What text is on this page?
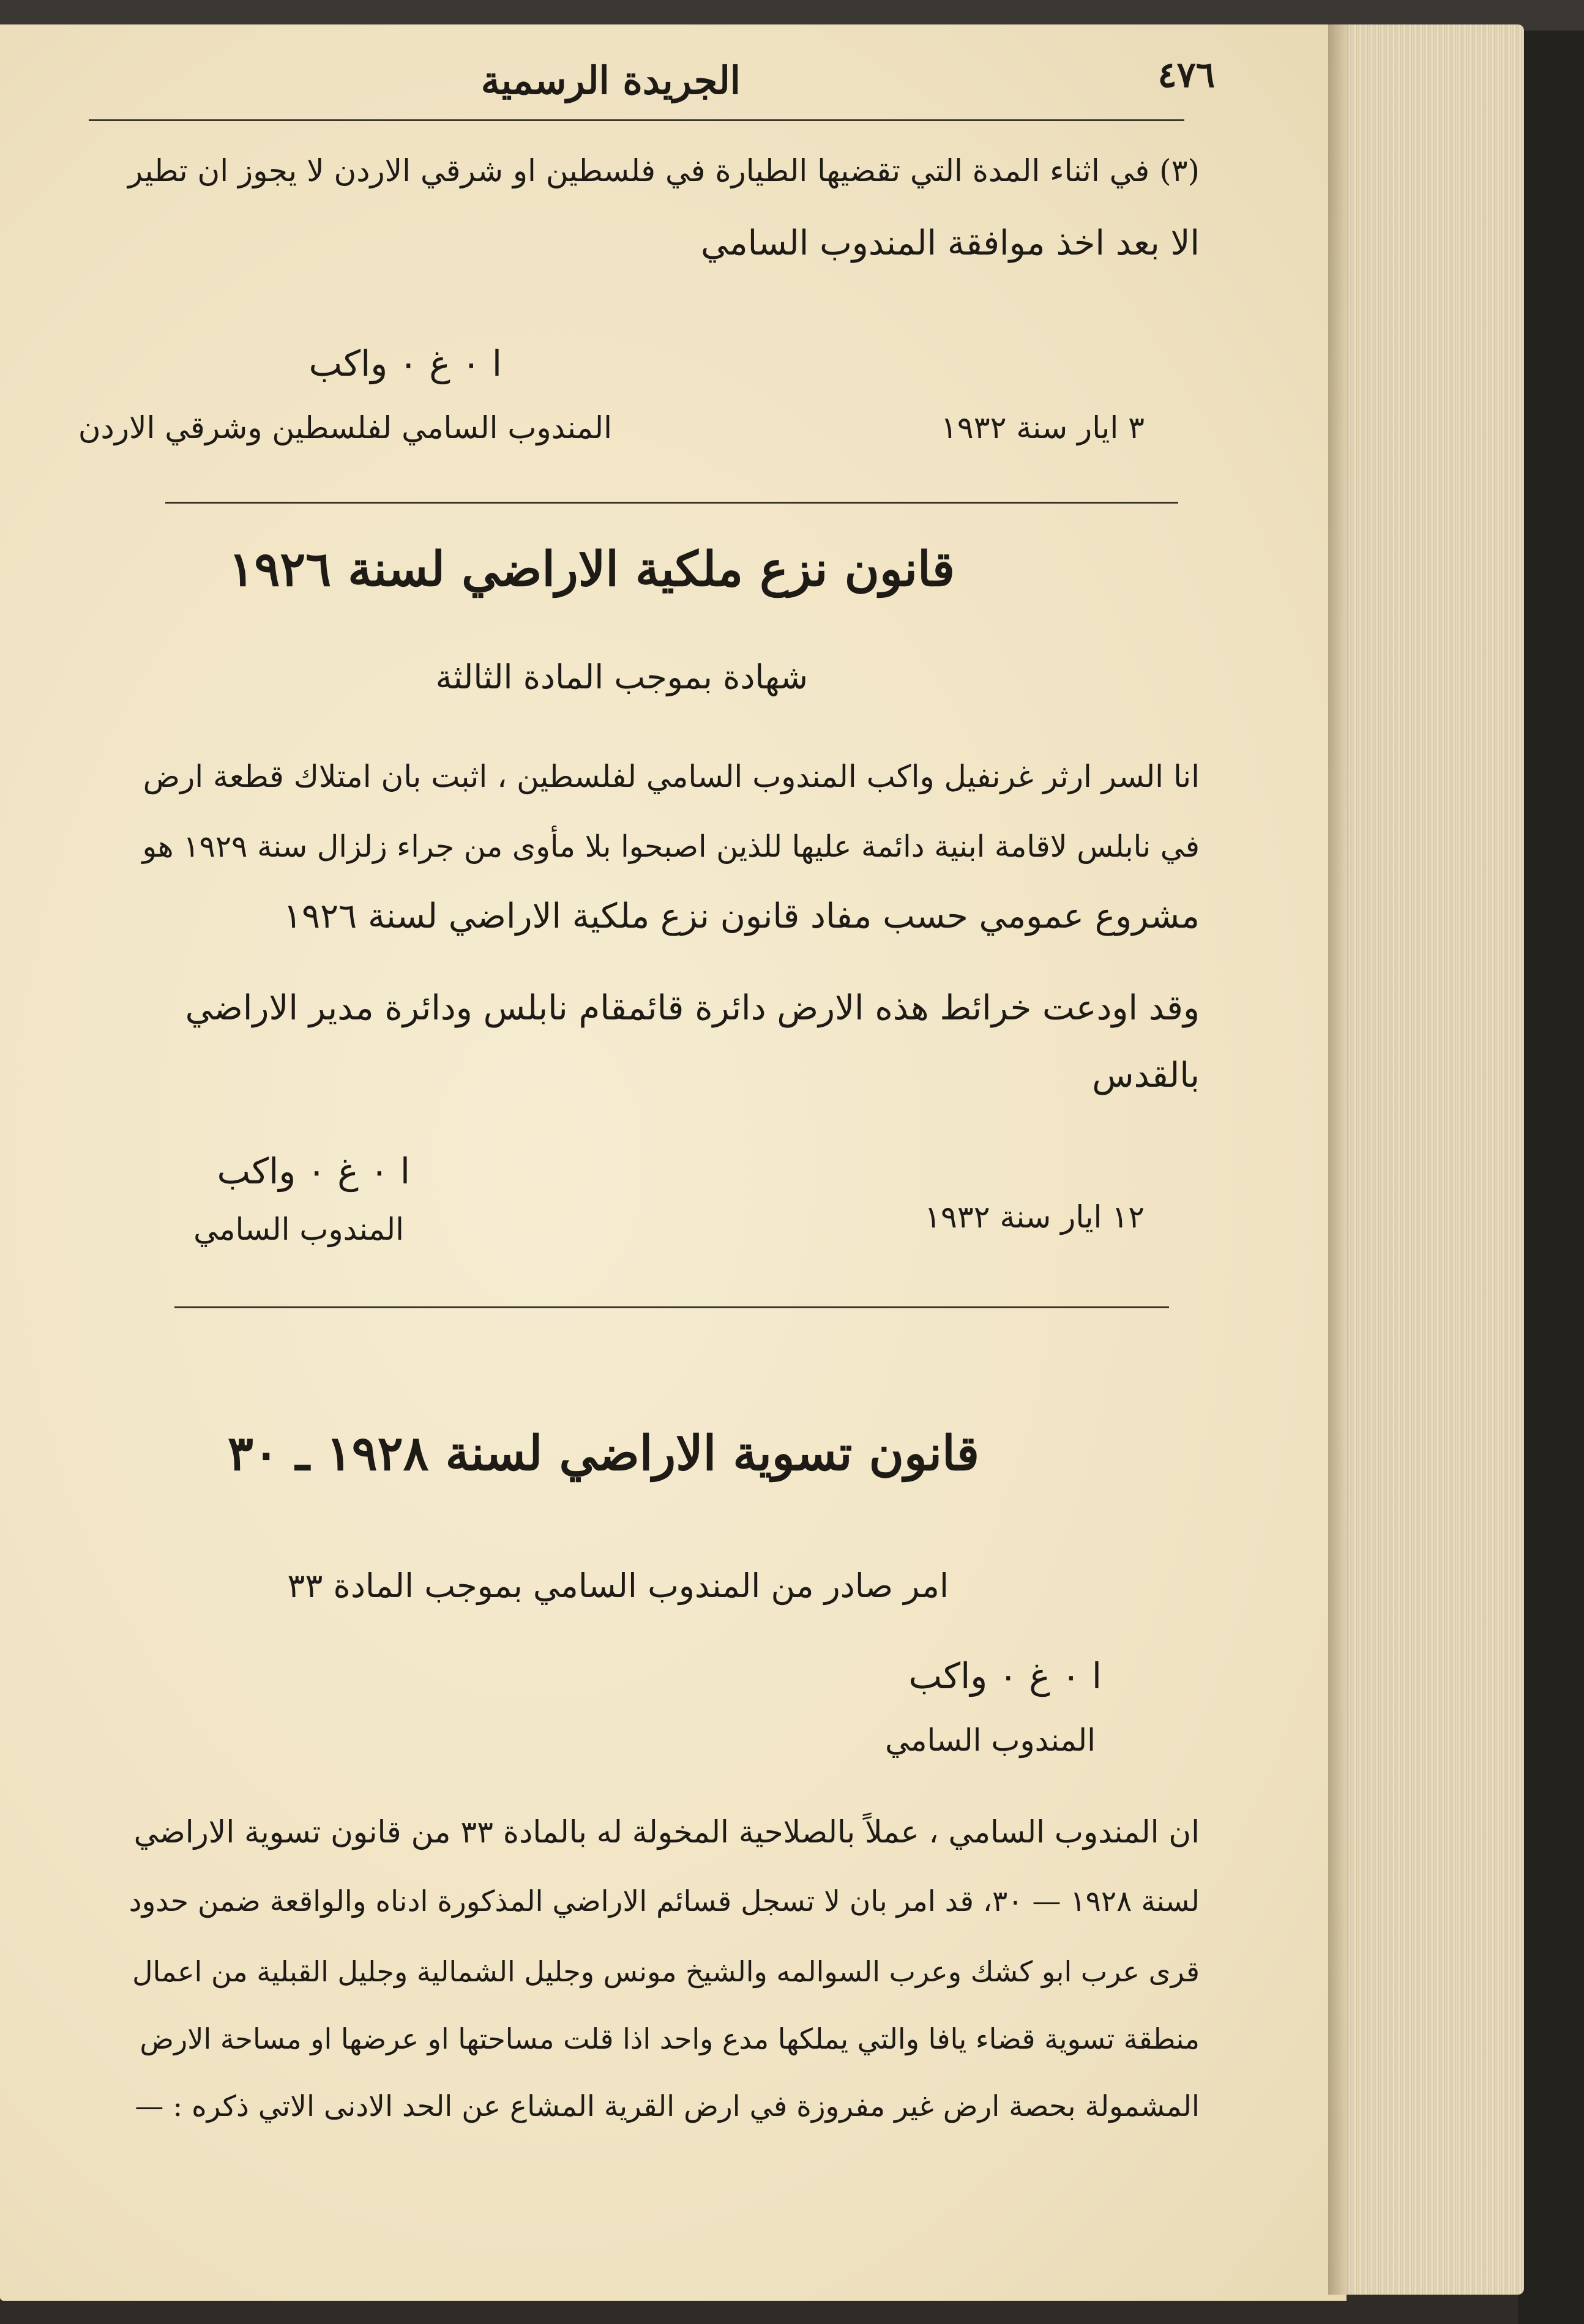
٤٧٦
الجريدة الرسمية
(٣) في اثناء المدة التي تقضيها الطيارة في فلسطين او شرقي الاردن لا يجوز ان تطير
الا بعد اخذ موافقة المندوب السامي
ا ٠ غ ٠ واكب
المندوب السامي لفلسطين وشرقي الاردن	٣ ايار سنة ١٩٣٢
قانون نزع ملكية الاراضي لسنة ١٩٢٦
شهادة بموجب المادة الثالثة
انا السر ارثر غرنفيل واكب المندوب السامي لفلسطين ، اثبت بان امتلاك قطعة ارض
في نابلس لاقامة ابنية دائمة عليها للذين اصبحوا بلا مأوى من جراء زلزال سنة ١٩٢٩ هو
مشروع عمومي حسب مفاد قانون نزع ملكية الاراضي لسنة ١٩٢٦
وقد اودعت خرائط هذه الارض دائرة قائمقام نابلس ودائرة مدير الاراضي
بالقدس
ا ٠ غ ٠ واكب
المندوب السامي	١٢ ايار سنة ١٩٣٢
قانون تسوية الاراضي لسنة ١٩٢٨ ـ ٣٠
امر صادر من المندوب السامي بموجب المادة ٣٣
ا ٠ غ ٠ واكب
المندوب السامي
ان المندوب السامي ، عملاً بالصلاحية المخولة له بالمادة ٣٣ من قانون تسوية الاراضي
لسنة ١٩٢٨ — ٣٠، قد امر بان لا تسجل قسائم الاراضي المذكورة ادناه والواقعة ضمن حدود
قرى عرب ابو كشك وعرب السوالمه والشيخ مونس وجليل الشمالية وجليل القبلية من اعمال
منطقة تسوية قضاء يافا والتي يملكها مدع واحد اذا قلت مساحتها او عرضها او مساحة الارض
المشمولة بحصة ارض غير مفروزة في ارض القرية المشاع عن الحد الادنى الاتي ذكره : —
